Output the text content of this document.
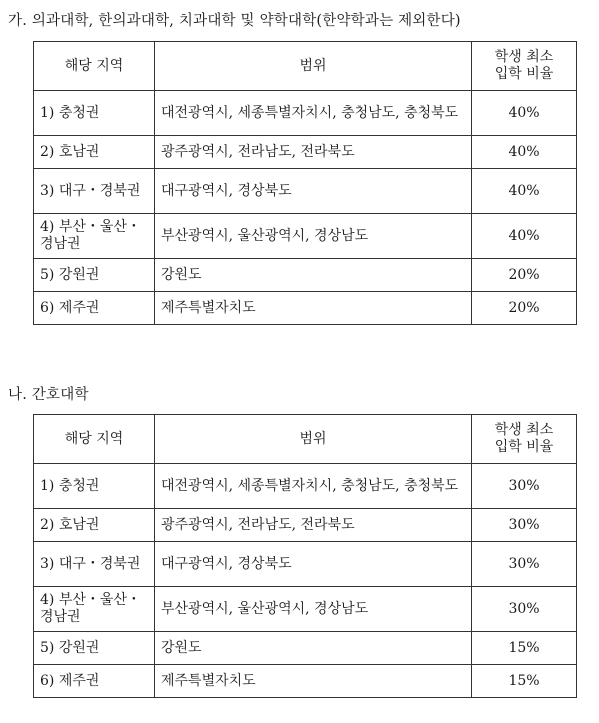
가. 의과대학, 한의과대학, 치과대학 및 약학대학(한약학과는 제외한다)
해당 지역	범위	학생 최소
입학 비율
1) 충청권	대전광역시, 세종특별자치시, 충청남도, 충청북도	40%
2) 호남권	광주광역시, 전라남도, 전라북도	40%
3) 대구・경북권	대구광역시, 경상북도	40%
4) 부산・울산・경남권	부산광역시, 울산광역시, 경상남도	40%
5) 강원권	강원도	20%
6) 제주권	제주특별자치도	20%
나. 간호대학
해당 지역	범위	학생 최소
입학 비율
1) 충청권	대전광역시, 세종특별자치시, 충청남도, 충청북도	30%
2) 호남권	광주광역시, 전라남도, 전라북도	30%
3) 대구・경북권	대구광역시, 경상북도	30%
4) 부산・울산・경남권	부산광역시, 울산광역시, 경상남도	30%
5) 강원권	강원도	15%
6) 제주권	제주특별자치도	15%
